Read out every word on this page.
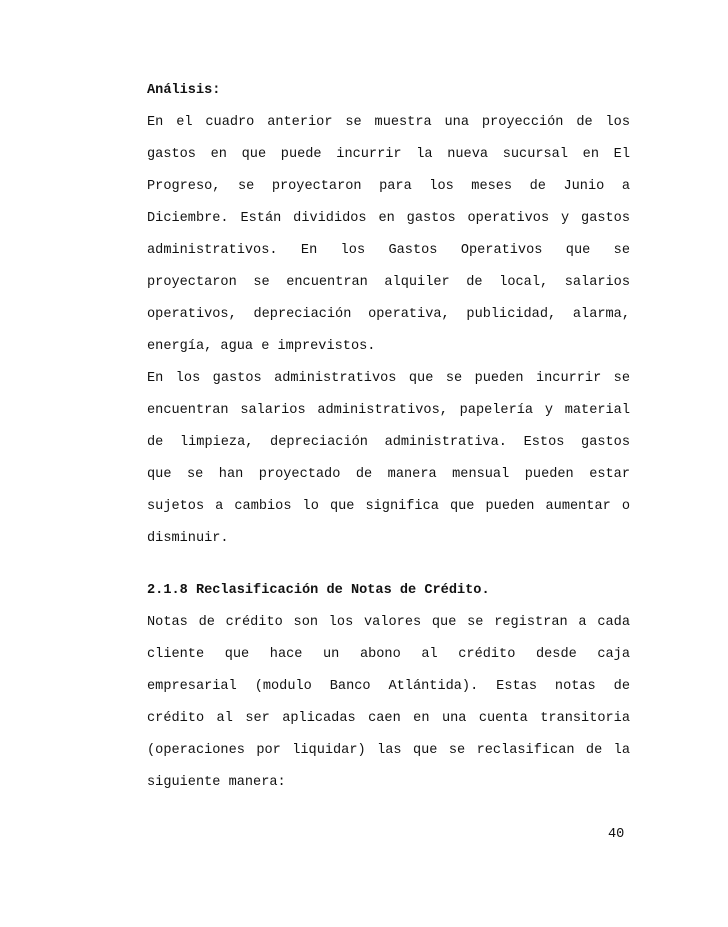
Análisis:
En el cuadro anterior se muestra una proyección de los
gastos en que puede incurrir la nueva sucursal en El
Progreso, se proyectaron para los meses de Junio a
Diciembre. Están divididos en gastos operativos y gastos
administrativos. En los Gastos Operativos que se
proyectaron se encuentran alquiler de local, salarios
operativos, depreciación operativa, publicidad, alarma,
energía, agua e imprevistos.
En los gastos administrativos que se pueden incurrir se
encuentran salarios administrativos, papelería y material
de limpieza, depreciación administrativa. Estos gastos
que se han proyectado de manera mensual pueden estar
sujetos a cambios lo que significa que pueden aumentar o
disminuir.
2.1.8 Reclasificación de Notas de Crédito.
Notas de crédito son los valores que se registran a cada
cliente que hace un abono al crédito desde caja
empresarial (modulo Banco Atlántida). Estas notas de
crédito al ser aplicadas caen en una cuenta transitoria
(operaciones por liquidar) las que se reclasifican de la
siguiente manera:
40
